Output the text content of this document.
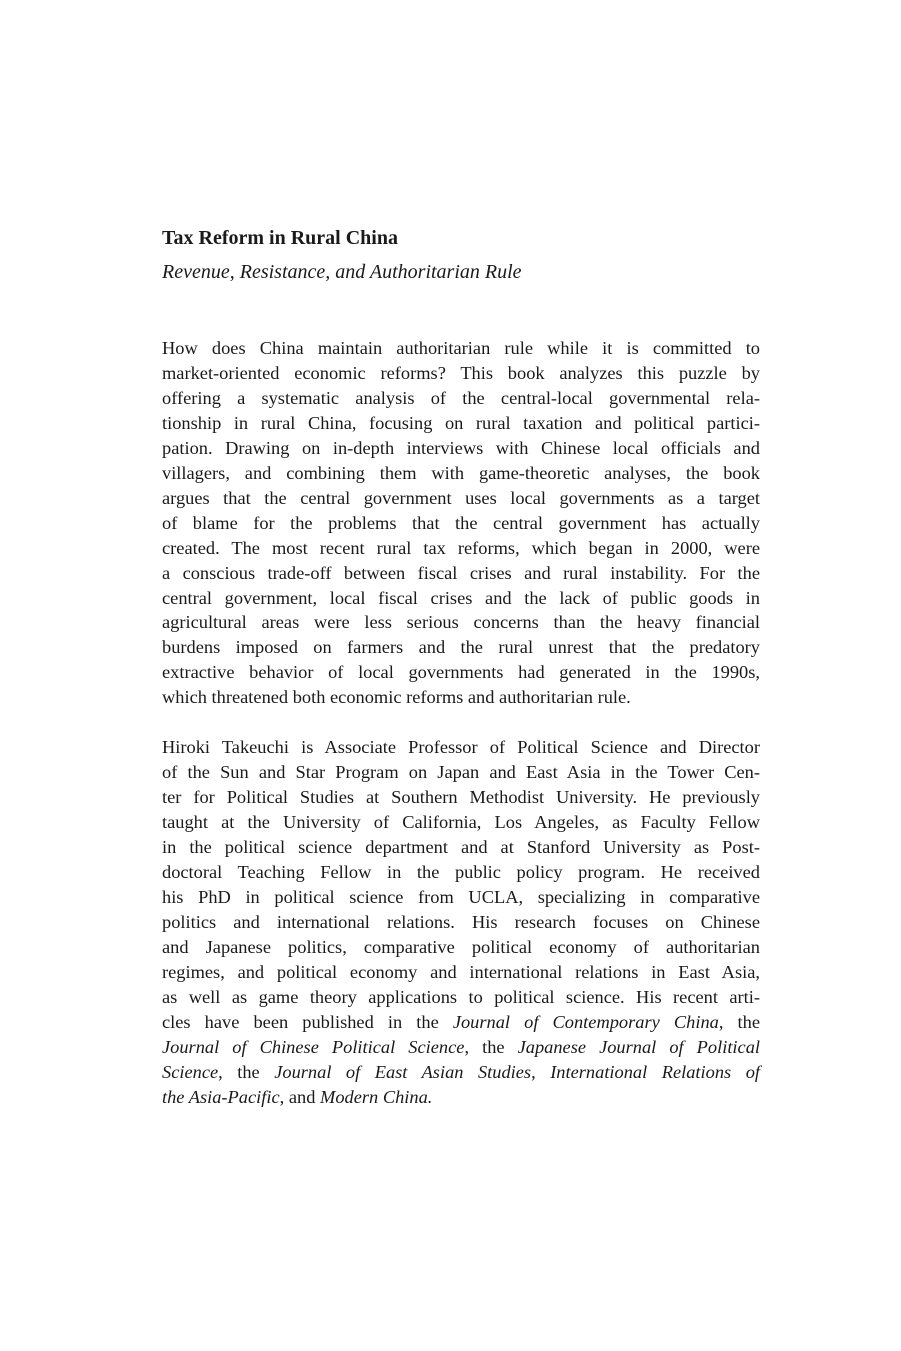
Tax Reform in Rural China
Revenue, Resistance, and Authoritarian Rule

How does China maintain authoritarian rule while it is committed to
market-oriented economic reforms? This book analyzes this puzzle by
offering a systematic analysis of the central-local governmental rela-
tionship in rural China, focusing on rural taxation and political partici-
pation. Drawing on in-depth interviews with Chinese local officials and
villagers, and combining them with game-theoretic analyses, the book
argues that the central government uses local governments as a target
of blame for the problems that the central government has actually
created. The most recent rural tax reforms, which began in 2000, were
a conscious trade-off between fiscal crises and rural instability. For the
central government, local fiscal crises and the lack of public goods in
agricultural areas were less serious concerns than the heavy financial
burdens imposed on farmers and the rural unrest that the predatory
extractive behavior of local governments had generated in the 1990s,
which threatened both economic reforms and authoritarian rule.

Hiroki Takeuchi is Associate Professor of Political Science and Director
of the Sun and Star Program on Japan and East Asia in the Tower Cen-
ter for Political Studies at Southern Methodist University. He previously
taught at the University of California, Los Angeles, as Faculty Fellow
in the political science department and at Stanford University as Post-
doctoral Teaching Fellow in the public policy program. He received
his PhD in political science from UCLA, specializing in comparative
politics and international relations. His research focuses on Chinese
and Japanese politics, comparative political economy of authoritarian
regimes, and political economy and international relations in East Asia,
as well as game theory applications to political science. His recent arti-
cles have been published in the Journal of Contemporary China, the
Journal of Chinese Political Science, the Japanese Journal of Political
Science, the Journal of East Asian Studies, International Relations of
the Asia-Pacific, and Modern China.
